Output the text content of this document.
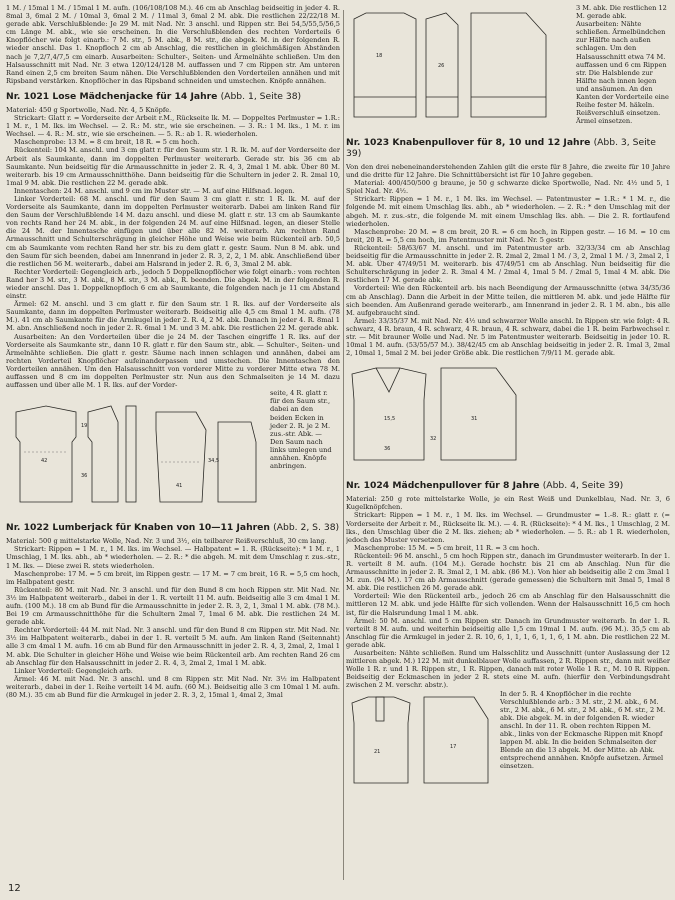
1 M. / 15mal 1 M. / 15mal 1 M. aufn. (106/108/108 M.). 46 cm ab Anschlag beidseitig in jeder 4. R. 8mal 3, 6mal 2 M. / 10mal 3, 6mal 2 M. / 11mal 3, 6mal 2 M. abk. Die restlichen 22/22/18 M. gerade abk. Verschlußblende: Je 29 M. mit Nad. Nr. 3 anschl. und Rippen str. Bei 54,5/55,5/56,5 cm Länge M. abk., wie sie erscheinen. In die Verschlußblenden des rechten Vorderteils 6 Knopflöcher wie folgt einarb.: 7 M. str., 5 M. abk., 8 M. str., die abgek. M. in der folgenden R. wieder anschl. Das 1. Knopfloch 2 cm ab Anschlag, die restlichen in gleichmäßigen Abständen nach je 7,2/7,4/7,5 cm einarb. Ausarbeiten: Schulter-, Seiten- und Ärmelnähte schließen. Um den Halsausschnitt mit Nad. Nr. 3 etwa 120/124/128 M. auffassen und 7 cm Rippen str. Am unteren Rand einen 2,5 cm breiten Saum nähen. Die Verschlußblenden den Vorderteilen annähen und mit Ripsband verstärken. Knopflöcher in das Ripsband schneiden und umstechen. Knöpfe annähen.

Nr. 1021 Lose Mädchenjacke für 14 Jahre (Abb. 1, Seite 38)

Material: 450 g Sportwolle, Nad. Nr. 4, 5 Knöpfe.

Strickart: Glatt r. = Vorderseite der Arbeit r.M., Rückseite lk. M. — Doppeltes Perlmuster = 1.R.: 1 M. r., 1 M. lks. im Wechsel. — 2. R.: M. str., wie sie erscheinen. — 3. R.: 1 M. lks., 1 M. r. im Wechsel. — 4. R.: M. str., wie sie erscheinen. — 5. R.: ab 1. R. wiederholen.

Maschenprobe: 13 M. = 8 cm breit, 18 R. = 5 cm hoch.

Rückenteil: 104 M. anschl. und 3 cm glatt r. für den Saum str. 1 R. lk. M. auf der Vorderseite der Arbeit als Saumkante, dann im doppelten Perlmuster weiterarb. Gerade str. bis 36 cm ab Saumkante. Nun beidseitig für die Armausschnitte in jeder 2. R. 4, 3, 2mal 1 M. abk. Über 80 M. weiterarb. bis 19 cm Armausschnitthöhe. Dann beidseitig für die Schultern in jeder 2. R. 2mal 10, 1mal 9 M. abk. Die restlichen 22 M. gerade abk.

Innentaschen: 24 M. anschl. und 9 cm im Muster str. — M. auf eine Hilfsnad. legen.

Linker Vorderteil: 68 M. anschl. und für den Saum 3 cm glatt r. str. 1 R. lk. M. auf der Vorderseite als Saumkante, dann im doppelten Perlmuster weiterarb. Dabei am linken Rand für den Saum der Verschlußblende 14 M. dazu anschl. und diese M. glatt r. str. 13 cm ab Saumkante von rechts Rand her 24 M. abk., in der folgenden 24 M. auf eine Hilfsnad. legen, an dieser Stelle die 24 M. der Innentasche einfügen und über alle 82 M. weiterarb. Am rechten Rand Armausschnitt und Schulterschrägung in gleicher Höhe und Weise wie beim Rückenteil arb. 50,5 cm ab Saumkante vom rechten Rand her str. bis zu dem glatt r. gestr. Saum. Nun 8 M. abk. und den Saum für sich beenden, dabei am Innenrand in jeder 2. R. 3, 2, 2, 1 M. abk. Anschließend über die restlichen 56 M. weiterarb., dabei am Halsrand in jeder 2. R. 6, 3, 3mal 2 M. abk.

Rechter Vorderteil: Gegengleich arb., jedoch 5 Doppelknopflöcher wie folgt einarb.: vom rechten Rand her 3 M. str., 3 M. abk., 8 M. str., 3 M. abk., R. beenden. Die abgek. M. in der folgenden R. wieder anschl. Das 1. Doppelknopfloch 6 cm ab Saumkante, die folgenden nach je 11 cm Abstand einstr.

Ärmel: 62 M. anschl. und 3 cm glatt r. für den Saum str. 1 R. lks. auf der Vorderseite als Saumkante, dann im doppelten Perlmuster weiterarb. Beidseitig alle 4,5 cm 8mal 1 M. aufn. (78 M.). 41 cm ab Saumkante für die Armkugel in jeder 2. R. 4, 2 M. abk. Danach in jeder 4. R. 8mal 1 M. abn. Anschließend noch in jeder 2. R. 6mal 1 M. und 3 M. abk. Die restlichen 22 M. gerade abk.

Ausarbeiten: An den Vorderteilen über die je 24 M. der Taschen eingriffe 1 R. lks. auf der Vorderseite als Saumkante str., dann 10 R. glatt r. für den Saum str., abk. — Schulter-, Seiten- und Ärmelnähte schließen. Die glatt r. gestr. Säume nach innen schlagen und annähen, dabei am rechten Vorderteil Knopflöcher aufeinanderpassen und umstechen. Die Innentaschen den Vorderteilen annähen. Um den Halsausschnitt von vorderer Mitte zu vorderer Mitte etwa 78 M. auffassen und 8 cm im doppelten Perlmuster str. Nun aus den Schmalseiten je 14 M. dazu auffassen und über alle M. 1 R. lks. auf der Vorder-

42
19
34,5
36
41
seite, 4 R. glatt r. für den Saum str., dabei an den beiden Ecken in jeder 2. R. je 2 M. zus.-str. Abk. — Den Saum nach links umlegen und annähen. Knöpfe anbringen.
Nr. 1022 Lumberjack für Knaben von 10—11 Jahren (Abb. 2, S. 38)

Material: 500 g mittelstarke Wolle, Nad. Nr. 3 und 3½, ein teilbarer Reißverschluß, 30 cm lang.

Strickart: Rippen = 1 M. r., 1 M. lks. im Wechsel. — Halbpatent = 1. R. (Rückseite): * 1 M. r., 1 Umschlag, 1 M. lks. abh., ab * wiederholen. — 2. R.: * die abgeh. M. mit dem Umschlag r. zus.-str., 1 M. lks. — Diese zwei R. stets wiederholen.

Maschenprobe: 17 M. = 5 cm breit, im Rippen gestr. — 17 M. = 7 cm breit, 16 R. = 5,5 cm hoch, im Halbpatent gestr.

Rückenteil: 80 M. mit Nad. Nr. 3 anschl. und für den Bund 8 cm hoch Rippen str. Mit Nad. Nr. 3½ im Halbpatent weiterarb., dabei in der 1. R. verteilt 11 M. aufn. Beidseitig alle 3 cm 4mal 1 M. aufn. (100 M.). 18 cm ab Bund für die Armausschnitte in jeder 2. R. 3, 2, 1, 3mal 1 M. abk. (78 M.). Bei 19 cm Armausschnitthöhe für die Schultern 2mal 7, 1mal 6 M. abk. Die restlichen 24 M. gerade abk.

Rechter Vorderteil: 44 M. mit Nad. Nr. 3 anschl. und für den Bund 8 cm Rippen str. Mit Nad. Nr. 3½ im Halbpatent weiterarb., dabei in der 1. R. verteilt 5 M. aufn. Am linken Rand (Seitennaht) alle 3 cm 4mal 1 M. aufn. 16 cm ab Bund für den Armausschnitt in jeder 2. R. 4, 3, 2mal, 2, 1mal 1 M. abk. Die Schulter in gleicher Höhe und Weise wie beim Rückenteil arb. Am rechten Rand 26 cm ab Anschlag für den Halsausschnitt in jeder 2. R. 4, 3, 2mal 2, 1mal 1 M. abk.

Linker Vorderteil: Gegengleich arb.

Ärmel: 46 M. mit Nad. Nr. 3 anschl. und 8 cm Rippen str. Mit Nad. Nr. 3½ im Halbpatent weiterarb., dabei in der 1. Reihe verteilt 14 M. aufn. (60 M.). Beidseitig alle 3 cm 10mal 1 M. aufn. (80 M.). 35 cm ab Bund für die Armkugel in jeder 2. R. 3, 2, 15mal 1, 4mal 2, 3mal

18
26
3 M. abk. Die restlichen 12 M. gerade abk. Ausarbeiten: Nähte schließen. Ärmelbündchen zur Hälfte nach außen schlagen. Um den Halsausschnitt etwa 74 M. auffassen und 6 cm Rippen str. Die Halsblende zur Hälfte nach innen legen und ansäumen. An den Kanten der Vorderteile eine Reihe fester M. häkeln. Reißverschluß einsetzen. Ärmel einsetzen.
Nr. 1023 Knabenpullover für 8, 10 und 12 Jahre (Abb. 3, Seite 39)

Von den drei nebeneinanderstehenden Zahlen gilt die erste für 8 Jahre, die zweite für 10 Jahre und die dritte für 12 Jahre. Die Schnittübersicht ist für 10 Jahre gegeben.

Material: 400/450/500 g braune, je 50 g schwarze dicke Sportwolle, Nad. Nr. 4½ und 5, 1 Spiel Nad. Nr. 4½.

Strickart: Rippen = 1 M. r., 1 M. lks. im Wechsel. — Patentmuster = 1.R.: * 1 M. r., die folgende M. mit einem Umschlag lks. abh., ab * wiederholen. — 2. R.: * den Umschlag mit der abgeh. M. r. zus.-str., die folgende M. mit einem Umschlag lks. abh. — Die 2. R. fortlaufend wiederholen.

Maschenprobe: 20 M. = 8 cm breit, 20 R. = 6 cm hoch, in Rippen gestr. — 16 M. = 10 cm breit, 20 R. = 5,5 cm hoch, im Patentmuster mit Nad. Nr. 5 gestr.

Rückenteil: 58/63/67 M. anschl. und im Patentmuster arb. 32/33/34 cm ab Anschlag beidseitig für die Armausschnitte in jeder 2. R. 2mal 2, 2mal 1 M. / 3, 2, 2mal 1 M. / 3, 2mal 2, 1 M. abk. Über 47/49/51 M. weiterarb. bis 47/49/51 cm ab Anschlag. Nun beidseitig für die Schulterschrägung in jeder 2. R. 3mal 4 M. / 2mal 4, 1mal 5 M. / 2mal 5, 1mal 4 M. abk. Die restlichen 17 M. gerade abk.

Vorderteil: Wie den Rückenteil arb. bis nach Beendigung der Armausschnitte (etwa 34/35/36 cm ab Anschlag). Dann die Arbeit in der Mitte teilen, die mittleren M. abk. und jede Hälfte für sich beenden. Am Außenrand gerade weiterarb., am Innenrand in jeder 2. R. 1 M. abn., bis alle M. aufgebraucht sind.

Ärmel: 33/35/37 M. mit Nad. Nr. 4½ und schwarzer Wolle anschl. In Rippen str. wie folgt: 4 R. schwarz, 4 R. braun, 4 R. schwarz, 4 R. braun, 4 R. schwarz, dabei die 1 R. beim Farbwechsel r. str. — Mit brauner Wolle und Nad. Nr. 5 im Patentmuster weiterarb. Beidseitig in jeder 10. R. 10mal 1 M. aufn. (53/55/57 M.). 38/42/45 cm ab Anschlag beidseitig in jeder 2. R. 1mal 3, 2mal 2, 10mal 1, 5mal 2 M. bei jeder Größe abk. Die restlichen 7/9/11 M. gerade abk.

15,5
32
31
36
Nr. 1024 Mädchenpullover für 8 Jahre (Abb. 4, Seite 39)

Material: 250 g rote mittelstarke Wolle, je ein Rest Weiß und Dunkelblau, Nad. Nr. 3, 6 Kugelknöpfchen.

Strickart: Rippen = 1 M. r., 1 M. lks. im Wechsel. — Grundmuster = 1.-8. R.: glatt r. (= Vorderseite der Arbeit r. M., Rückseite lk. M.). — 4. R. (Rückseite): * 4 M. lks., 1 Umschlag, 2 M. lks., den Umschlag über die 2 M. lks. ziehen; ab * wiederholen. — 5. R.: ab 1 R. wiederholen, jedoch das Muster versetzen.

Maschenprobe: 15 M. = 5 cm breit, 11 R. = 3 cm hoch.

Rückenteil: 96 M. anschl., 5 cm hoch Rippen str., danach im Grundmuster weiterarb. In der 1. R. verteilt 8 M. aufn. (104 M.). Gerade hochstr. bis 21 cm ab Anschlag. Nun für die Armausschnitte in jeder 2. R. 3mal 2, 1 M. abk. (86 M.). Von hier ab beidseitig alle 2 cm 3mal 1 M. zun. (94 M.). 17 cm ab Armausschnitt (gerade gemessen) die Schultern mit 3mal 5, 1mal 8 M. abk. Die restlichen 26 M. gerade abk.

Vorderteil: Wie den Rückenteil arb., jedoch 26 cm ab Anschlag für den Halsausschnitt die mittleren 12 M. abk. und jede Hälfte für sich vollenden. Wenn der Halsausschnitt 16,5 cm hoch ist, für die Halsrundung 1mal 1 M. abk.

Ärmel: 50 M. anschl. und 5 cm Rippen str. Danach im Grundmuster weiterarb. In der 1. R. verteilt 8 M. aufn. und weiterhin beidseitig alle 1,5 cm 19mal 1 M. aufn. (96 M.). 35,5 cm ab Anschlag für die Armkugel in jeder 2. R. 10, 6, 1, 1, 1, 6, 1, 1, 6, 1 M. abn. Die restlichen 22 M. gerade abk.

Ausarbeiten: Nähte schließen. Rund um Halsschlitz und Ausschnitt (unter Auslassung der 12 mittleren abgek. M.) 122 M. mit dunkelblauer Wolle auffassen, 2 R. Rippen str., dann mit weißer Wolle 1 R. r. und 1 R. Rippen str., 1 R. Rippen, danach mit roter Wolle 1 R. r., M. 10 R. Rippen. Beidseitig der Eckmaschen in jeder 2 R. stets eine M. aufn. (hierfür den Verbindungsdraht zwischen 2 M. verschr. abstr.).

21
17
In der 5. R. 4 Knopflöcher in die rechte Verschlußblende arb.: 3 M. str., 2 M. abk., 6 M. str., 2 M. abk., 6 M. str., 2 M. abk., 6 M. str., 2 M. abk. Die abgek. M. in der folgenden R. wieder anschl. In der 11. R. oben rechten Rippen M. abk., links von der Eckmasche Rippen mit Knopf lappen M. abk. In die beiden Schmalseiten der Blende an die 13 abgek. M. der Mitte. ab Abk. entsprechend annähen. Knöpfe aufsetzen. Ärmel einsetzen.
12
